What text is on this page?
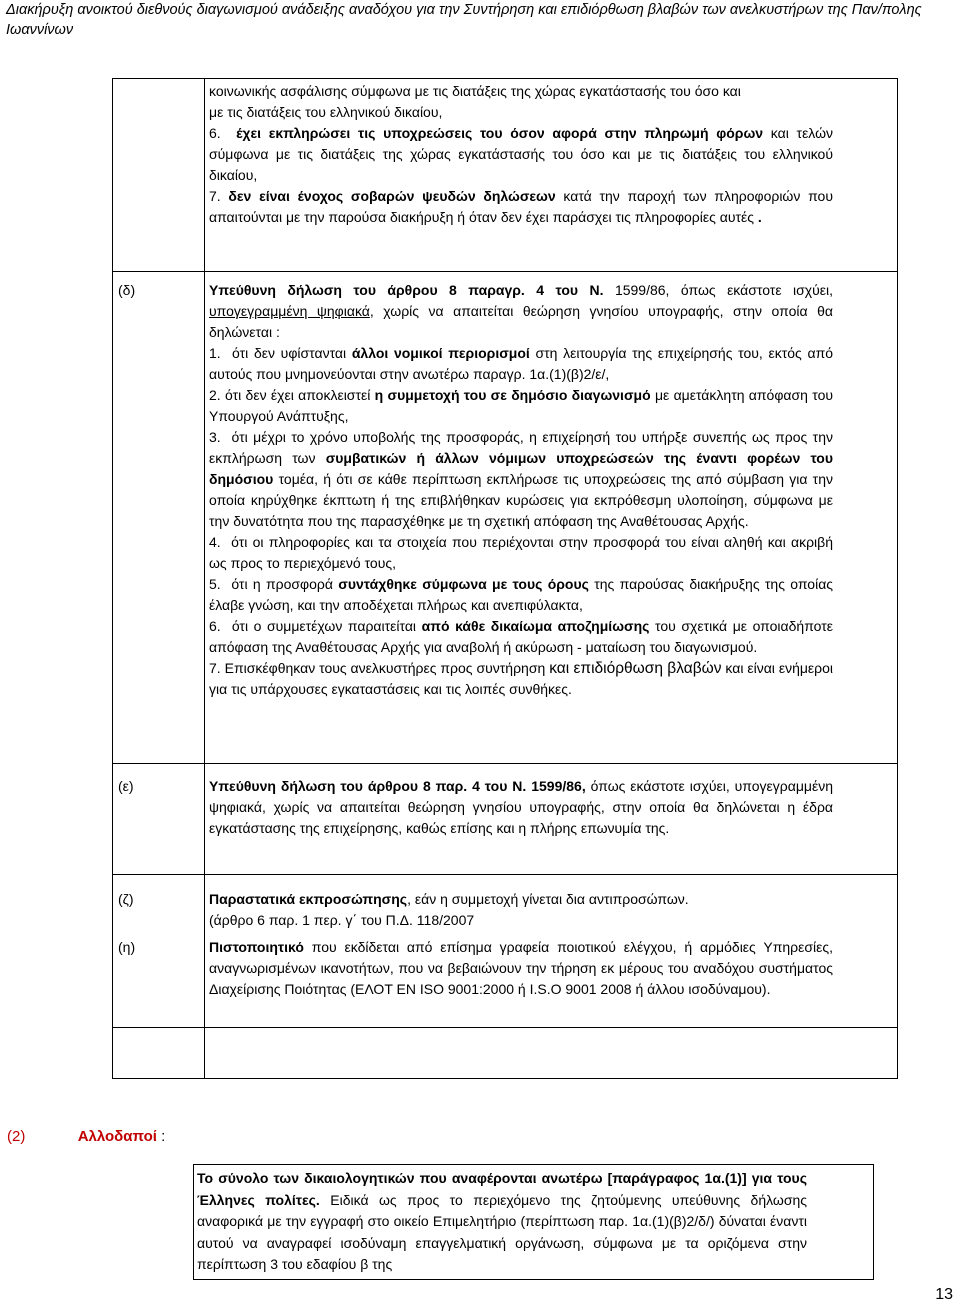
Διακήρυξη ανοικτού διεθνούς διαγωνισμού ανάδειξης αναδόχου για την Συντήρηση και επιδιόρθωση βλαβών των ανελκυστήρων της Παν/πολης Ιωαννίνων

κοινωνικής ασφάλισης σύμφωνα με τις διατάξεις της χώρας εγκατάστασής του όσο και

με τις διατάξεις του ελληνικού δικαίου,

6. έχει εκπληρώσει τις υποχρεώσεις του όσον αφορά στην πληρωμή φόρων και τελών σύμφωνα με τις διατάξεις της χώρας εγκατάστασής του όσο και με τις διατάξεις του ελληνικού δικαίου,

7. δεν είναι ένοχος σοβαρών ψευδών δηλώσεων κατά την παροχή των πληροφοριών που απαιτούνται με την παρούσα διακήρυξη ή όταν δεν έχει παράσχει τις πληροφορίες αυτές .

(δ)	Υπεύθυνη δήλωση του άρθρου 8 παραγρ. 4 του Ν. 1599/86, όπως εκάστοτε ισχύει, υπογεγραμμένη ψηφιακά, χωρίς να απαιτείται θεώρηση γνησίου υπογραφής, στην οποία θα δηλώνεται :

1. ότι δεν υφίστανται άλλοι νομικοί περιορισμοί στη λειτουργία της επιχείρησής του, εκτός από αυτούς που μνημονεύονται στην ανωτέρω παραγρ. 1α.(1)(β)2/ε/,

2. ότι δεν έχει αποκλειστεί η συμμετοχή του σε δημόσιο διαγωνισμό με αμετάκλητη απόφαση του Υπουργού Ανάπτυξης,

3. ότι μέχρι το χρόνο υποβολής της προσφοράς, η επιχείρησή του υπήρξε συνεπής ως προς την εκπλήρωση των συμβατικών ή άλλων νόμιμων υποχρεώσεών της έναντι φορέων του δημόσιου τομέα, ή ότι σε κάθε περίπτωση εκπλήρωσε τις υποχρεώσεις της από σύμβαση για την οποία κηρύχθηκε έκπτωτη ή της επιβλήθηκαν κυρώσεις για εκπρόθεσμη υλοποίηση, σύμφωνα με την δυνατότητα που της παρασχέθηκε με τη σχετική απόφαση της Αναθέτουσας Αρχής.

4. ότι οι πληροφορίες και τα στοιχεία που περιέχονται στην προσφορά του είναι αληθή και ακριβή ως προς το περιεχόμενό τους,

5. ότι η προσφορά συντάχθηκε σύμφωνα με τους όρους της παρούσας διακήρυξης της οποίας έλαβε γνώση, και την αποδέχεται πλήρως και ανεπιφύλακτα,

6. ότι ο συμμετέχων παραιτείται από κάθε δικαίωμα αποζημίωσης του σχετικά με οποιαδήποτε απόφαση της Αναθέτουσας Αρχής για αναβολή ή ακύρωση - ματαίωση του διαγωνισμού.

7. Επισκέφθηκαν τους ανελκυστήρες προς συντήρηση και επιδιόρθωση βλαβών και είναι ενήμεροι για τις υπάρχουσες εγκαταστάσεις και τις λοιπές συνθήκες.

(ε)	Υπεύθυνη δήλωση του άρθρου 8 παρ. 4 του Ν. 1599/86, όπως εκάστοτε ισχύει, υπογεγραμμένη ψηφιακά, χωρίς να απαιτείται θεώρηση γνησίου υπογραφής, στην οποία θα δηλώνεται η έδρα εγκατάστασης της επιχείρησης, καθώς επίσης και η πλήρης επωνυμία της.

(ζ)	Παραστατικά εκπροσώπησης, εάν η συμμετοχή γίνεται δια αντιπροσώπων.

(άρθρο 6 παρ. 1 περ. γ΄ του Π.Δ. 118/2007

(η)	Πιστοποιητικό που εκδίδεται από επίσημα γραφεία ποιοτικού ελέγχου, ή αρμόδιες Υπηρεσίες, αναγνωρισμένων ικανοτήτων, που να βεβαιώνουν την τήρηση εκ μέρους του αναδόχου συστήματος Διαχείρισης Ποιότητας (ΕΛΟΤ EN ISO 9001:2000 ή I.S.O 9001 2008 ή άλλου ισοδύναμου).

(2)	Αλλοδαποί :
Το σύνολο των δικαιολογητικών που αναφέρονται ανωτέρω [παράγραφος 1α.(1)] για τους Έλληνες πολίτες. Ειδικά ως προς το περιεχόμενο της ζητούμενης υπεύθυνης δήλωσης αναφορικά με την εγγραφή στο οικείο Επιμελητήριο (περίπτωση παρ. 1α.(1)(β)2/δ/) δύναται έναντι αυτού να αναγραφεί ισοδύναμη επαγγελματική οργάνωση, σύμφωνα με τα οριζόμενα στην περίπτωση 3 του εδαφίου β της
13
